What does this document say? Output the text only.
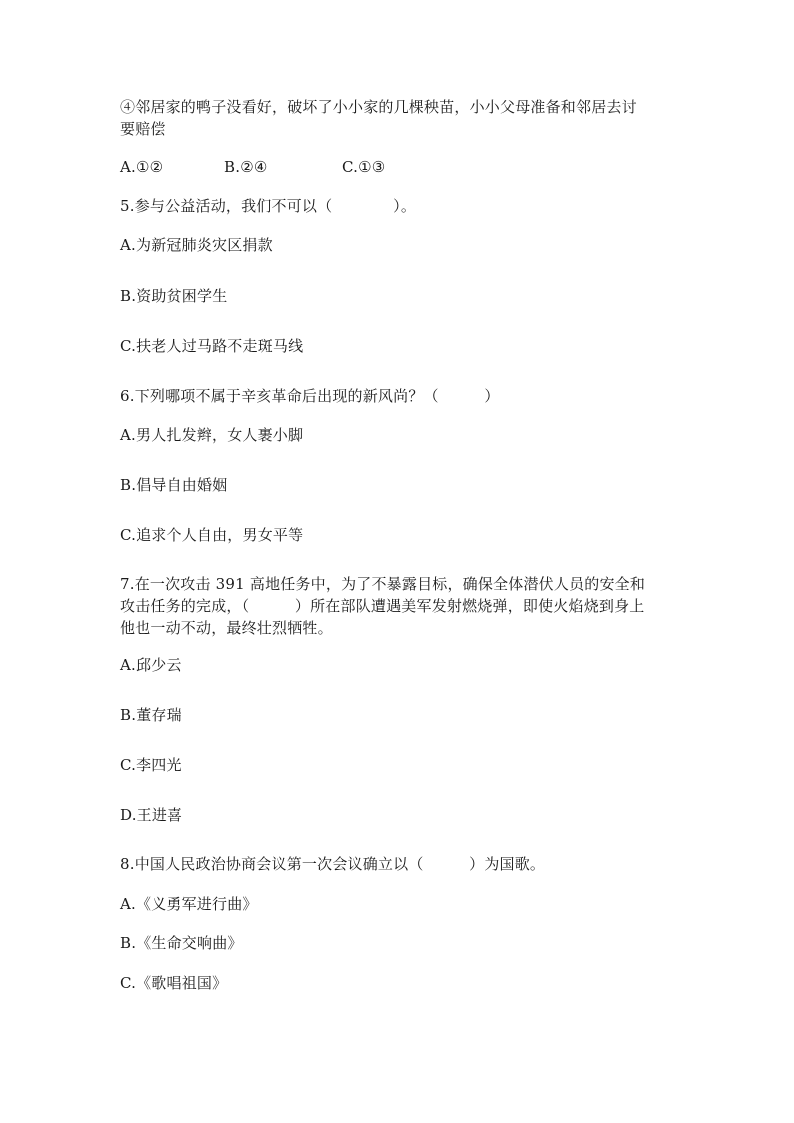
④邻居家的鸭子没看好，破坏了小小家的几棵秧苗，小小父母准备和邻居去讨
要赔偿
A.①②	B.②④	C.①③
5.参与公益活动，我们不可以（　　　　）。
A.为新冠肺炎灾区捐款
B.资助贫困学生
C.扶老人过马路不走斑马线
6.下列哪项不属于辛亥革命后出现的新风尚？（　　　）
A.男人扎发辫，女人裹小脚
B.倡导自由婚姻
C.追求个人自由，男女平等
7.在一次攻击 391 高地任务中，为了不暴露目标，确保全体潜伏人员的安全和
攻击任务的完成，（　　　）所在部队遭遇美军发射燃烧弹，即使火焰烧到身上
他也一动不动，最终壮烈牺牲。
A.邱少云
B.董存瑞
C.李四光
D.王进喜
8.中国人民政治协商会议第一次会议确立以（　　　）为国歌。
A.《义勇军进行曲》
B.《生命交响曲》
C.《歌唱祖国》
